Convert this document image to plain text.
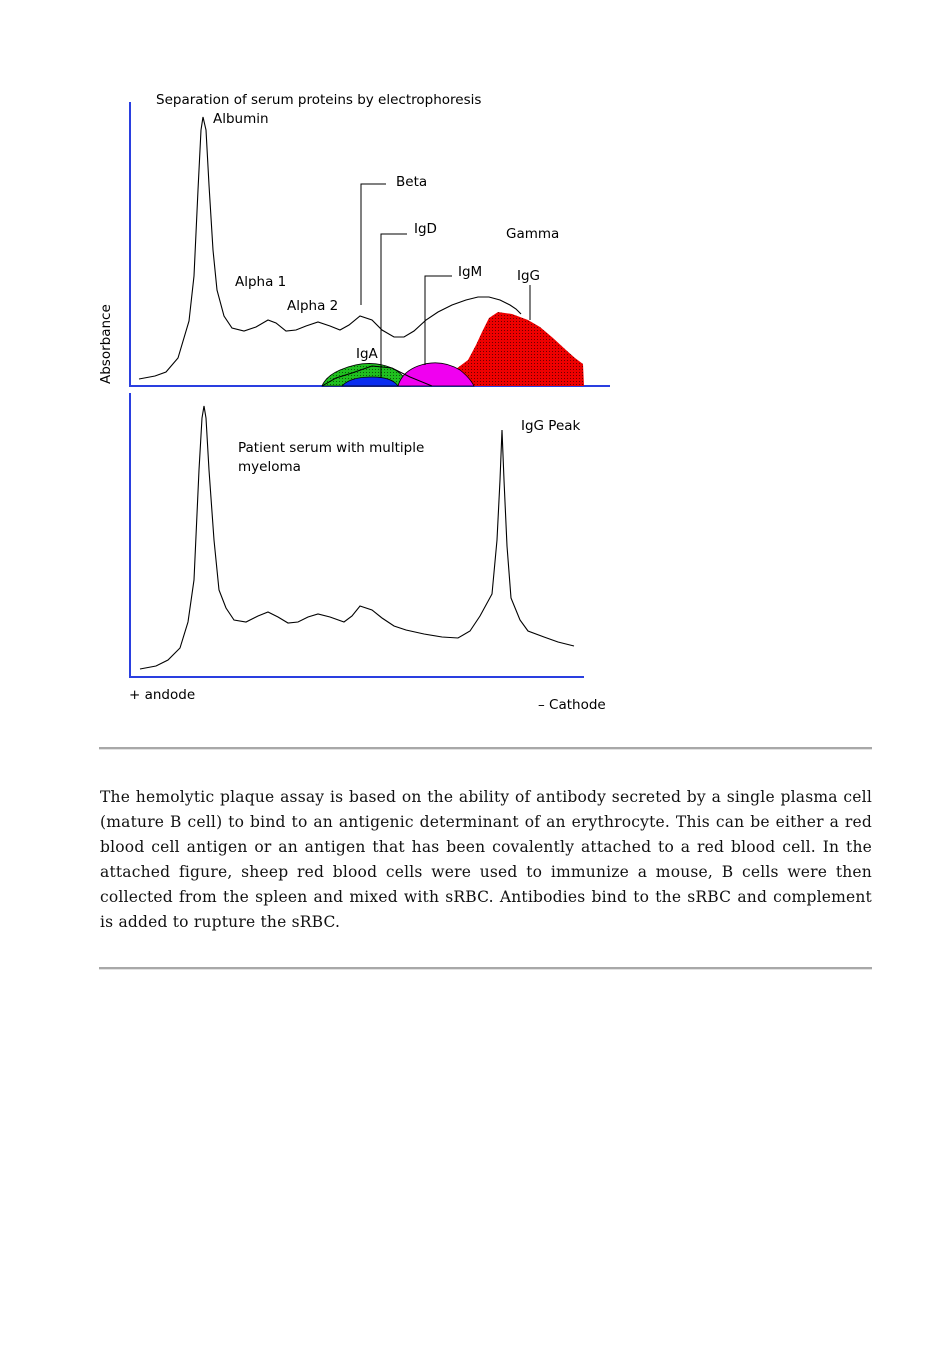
Separation of serum proteins by electrophoresis
Absorbance
Albumin
Alpha 1
Alpha 2
Beta
IgD	Gamma
IgM	IgG
IgA
IgG Peak
Patient serum with multiple
myeloma
+ andode
– Cathode

The hemolytic plaque assay is based on the ability of antibody secreted by a single plasma cell (mature B cell) to bind to an antigenic determinant of an erythrocyte. This can be either a red blood cell antigen or an antigen that has been covalently attached to a red blood cell. In the attached figure, sheep red blood cells were used to immunize a mouse, B cells were then collected from the spleen and mixed with sRBC. Antibodies bind to the sRBC and complement is added to rupture the sRBC.
